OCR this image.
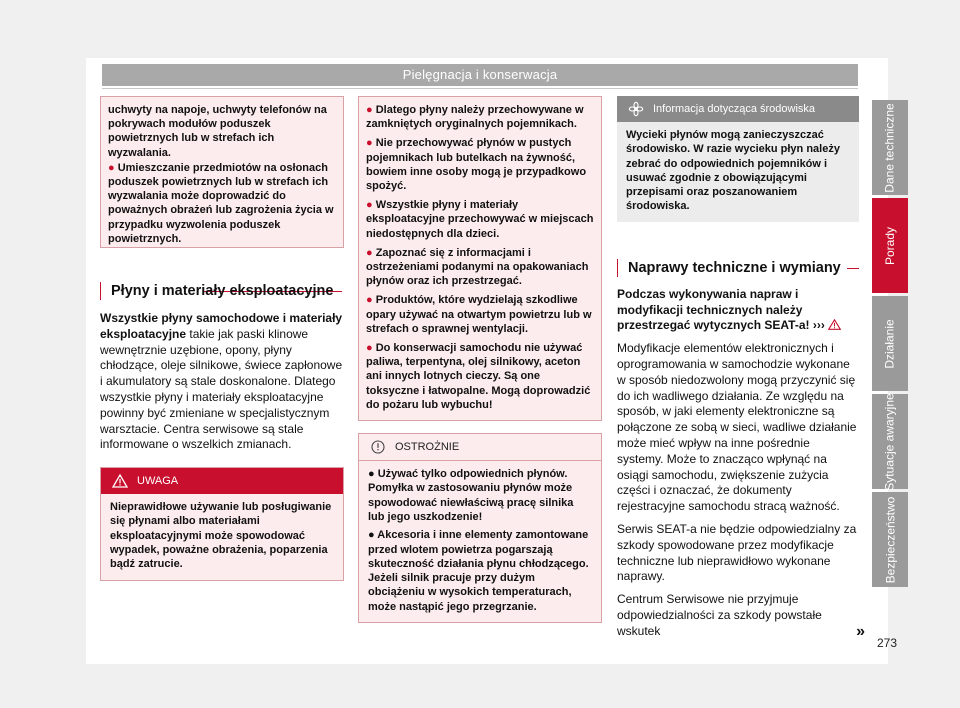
Pielęgnacja i konserwacja

uchwyty na napoje, uchwyty telefonów na pokrywach modułów poduszek powietrznych lub w strefach ich wyzwalania.

● Umieszczanie przedmiotów na osłonach poduszek powietrznych lub w strefach ich wyzwalania może doprowadzić do poważnych obrażeń lub zagrożenia życia w przypadku wyzwolenia poduszek powietrznych.

Płyny i materiały eksploatacyjne

Wszystkie płyny samochodowe i materiały eksploatacyjne takie jak paski klinowe wewnętrznie uzębione, opony, płyny chłodzące, oleje silnikowe, świece zapłonowe i akumulatory są stale doskonalone. Dlatego wszystkie płyny i materiały eksploatacyjne powinny być zmieniane w specjalistycznym warsztacie. Centra serwisowe są stale informowane o wszelkich zmianach.

UWAGA

Nieprawidłowe używanie lub posługiwanie się płynami albo materiałami eksploatacyjnymi może spowodować wypadek, poważne obrażenia, poparzenia bądź zatrucie.

● Dlatego płyny należy przechowywane w zamkniętych oryginalnych pojemnikach.

● Nie przechowywać płynów w pustych pojemnikach lub butelkach na żywność, bowiem inne osoby mogą je przypadkowo spożyć.

● Wszystkie płyny i materiały eksploatacyjne przechowywać w miejscach niedostępnych dla dzieci.

● Zapoznać się z informacjami i ostrzeżeniami podanymi na opakowaniach płynów oraz ich przestrzegać.

● Produktów, które wydzielają szkodliwe opary używać na otwartym powietrzu lub w strefach o sprawnej wentylacji.

● Do konserwacji samochodu nie używać paliwa, terpentyna, olej silnikowy, aceton ani innych lotnych cieczy. Są one toksyczne i łatwopalne. Mogą doprowadzić do pożaru lub wybuchu!

OSTROŻNIE

● Używać tylko odpowiednich płynów. Pomyłka w zastosowaniu płynów może spowodować niewłaściwą pracę silnika lub jego uszkodzenie!

● Akcesoria i inne elementy zamontowane przed wlotem powietrza pogarszają skuteczność działania płynu chłodzącego. Jeżeli silnik pracuje przy dużym obciążeniu w wysokich temperaturach, może nastąpić jego przegrzanie.

Informacja dotycząca środowiska

Wycieki płynów mogą zanieczyszczać środowisko. W razie wycieku płyn należy zebrać do odpowiednich pojemników i usuwać zgodnie z obowiązującymi przepisami oraz poszanowaniem środowiska.

Naprawy techniczne i wymiany

Podczas wykonywania napraw i modyfikacji technicznych należy przestrzegać wytycznych SEAT-a! ›››

Modyfikacje elementów elektronicznych i oprogramowania w samochodzie wykonane w sposób niedozwolony mogą przyczynić się do ich wadliwego działania. Ze względu na sposób, w jaki elementy elektroniczne są połączone ze sobą w sieci, wadliwe działanie może mieć wpływ na inne pośrednie systemy. Może to znacząco wpłynąć na osiągi samochodu, zwiększenie zużycia części i oznaczać, że dokumenty rejestracyjne samochodu stracą ważność.

Serwis SEAT-a nie będzie odpowiedzialny za szkody spowodowane przez modyfikacje techniczne lub nieprawidłowo wykonane naprawy.

Centrum Serwisowe nie przyjmuje odpowiedzialności za szkody powstałe wskutek	»

Dane techniczne
Porady
Działanie
Sytuacje awaryjne
Bezpieczeństwo
273
